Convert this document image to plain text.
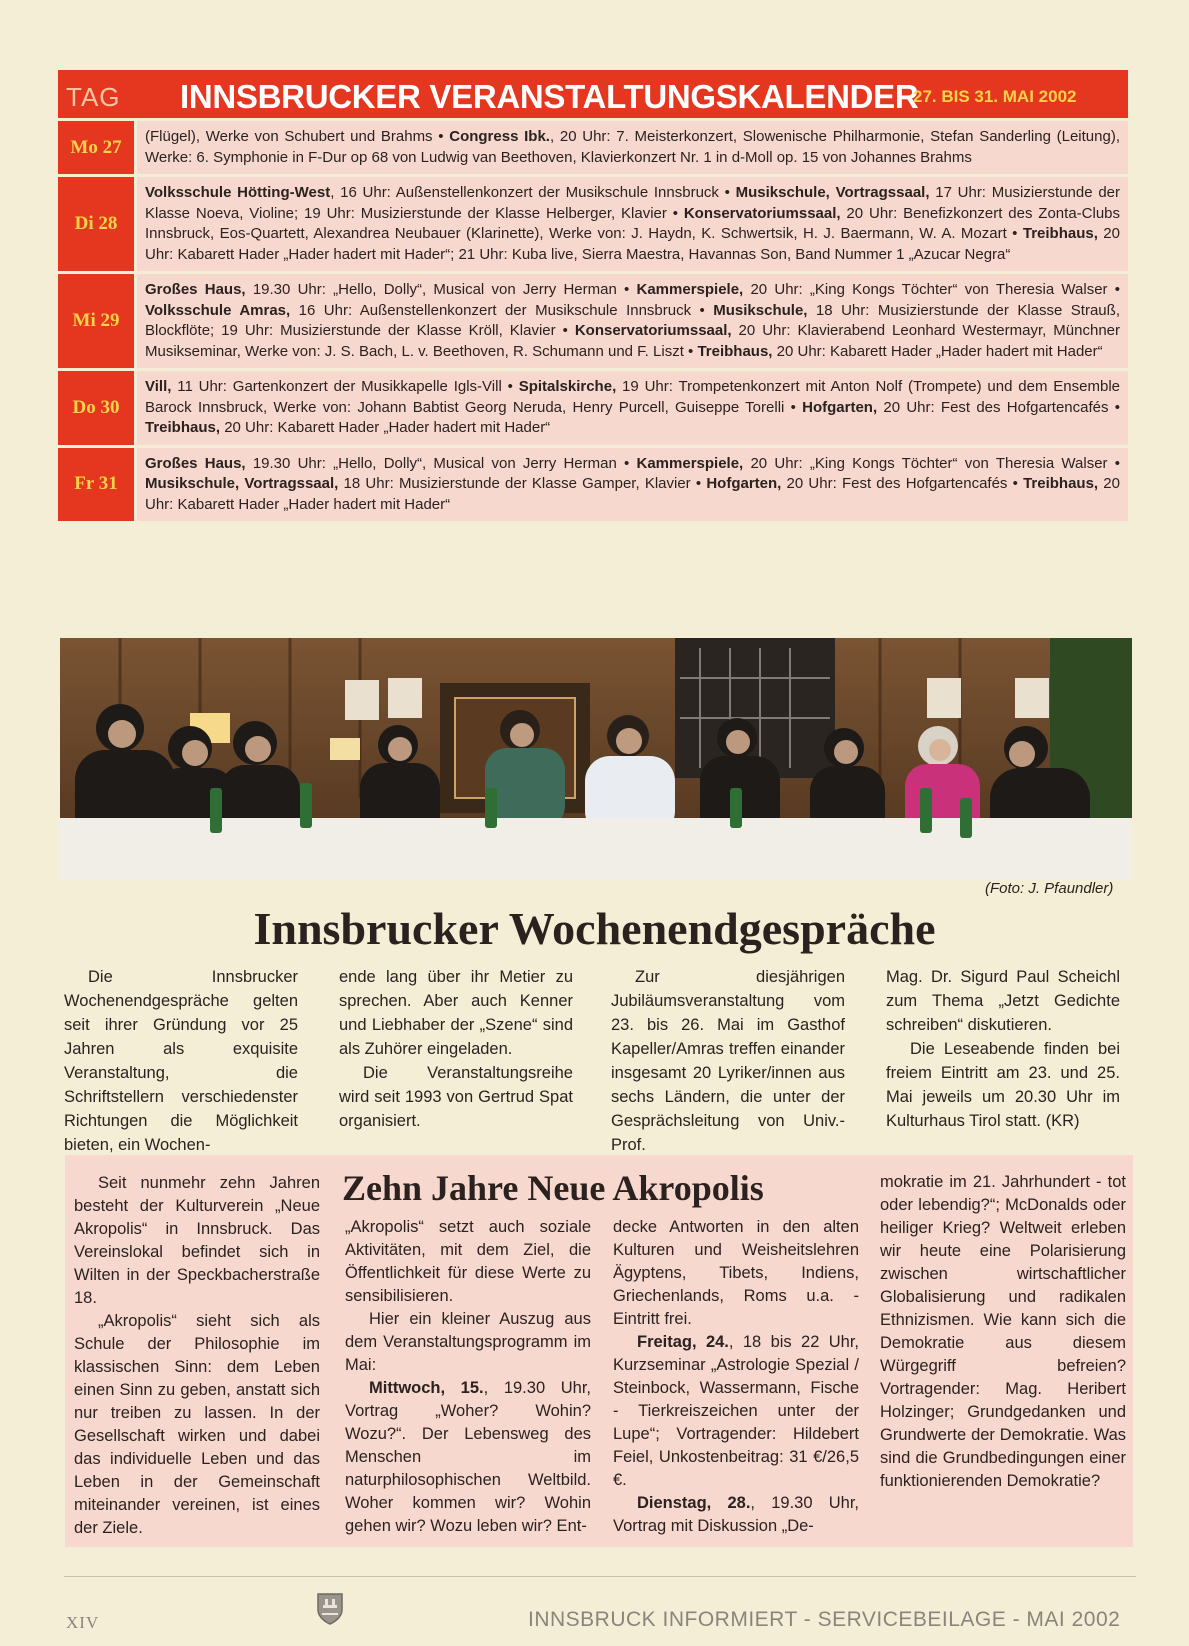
TAG INNSBRUCKER VERANSTALTUNGSKALENDER
27. BIS 31. MAI 2002
Mo 27	(Flügel), Werke von Schubert und Brahms • Congress Ibk., 20 Uhr: 7. Meisterkonzert, Slowenische Philharmonie, Stefan Sanderling (Leitung), Werke: 6. Symphonie in F-Dur op 68 von Ludwig van Beethoven, Klavierkonzert Nr. 1 in d-Moll op. 15 von Johannes Brahms
Di 28
Volksschule Hötting-West, 16 Uhr: Außenstellenkonzert der Musikschule Innsbruck • Musikschule, Vortragssaal, 17 Uhr: Musizierstunde der Klasse Noeva, Violine; 19 Uhr: Musizierstunde der Klasse Helberger, Klavier • Konservatoriumssaal, 20 Uhr: Benefizkonzert des Zonta-Clubs Innsbruck, Eos-Quartett, Alexandrea Neubauer (Klarinette), Werke von: J. Haydn, K. Schwertsik, H. J. Baermann, W. A. Mozart • Treibhaus, 20 Uhr: Kabarett Hader „Hader hadert mit Hader“; 21 Uhr: Kuba live, Sierra Maestra, Havannas Son, Band Nummer 1 „Azucar Negra“
Mi 29
Großes Haus, 19.30 Uhr: „Hello, Dolly“, Musical von Jerry Herman • Kammerspiele, 20 Uhr: „King Kongs Töchter“ von Theresia Walser • Volksschule Amras, 16 Uhr: Außenstellenkonzert der Musikschule Innsbruck • Musikschule, 18 Uhr: Musizierstunde der Klasse Strauß, Blockflöte; 19 Uhr: Musizierstunde der Klasse Kröll, Klavier • Konservatoriumssaal, 20 Uhr: Klavierabend Leonhard Westermayr, Münchner Musikseminar, Werke von: J. S. Bach, L. v. Beethoven, R. Schumann und F. Liszt • Treibhaus, 20 Uhr: Kabarett Hader „Hader hadert mit Hader“
Do 30
Vill, 11 Uhr: Gartenkonzert der Musikkapelle Igls-Vill • Spitalskirche, 19 Uhr: Trompetenkonzert mit Anton Nolf (Trompete) und dem Ensemble Barock Innsbruck, Werke von: Johann Babtist Georg Neruda, Henry Purcell, Guiseppe Torelli • Hofgarten, 20 Uhr: Fest des Hofgartencafés • Treibhaus, 20 Uhr: Kabarett Hader „Hader hadert mit Hader“
Fr 31
Großes Haus, 19.30 Uhr: „Hello, Dolly“, Musical von Jerry Herman • Kammerspiele, 20 Uhr: „King Kongs Töchter“ von Theresia Walser • Musikschule, Vortragssaal, 18 Uhr: Musizierstunde der Klasse Gamper, Klavier • Hofgarten, 20 Uhr: Fest des Hofgartencafés • Treibhaus, 20 Uhr: Kabarett Hader „Hader hadert mit Hader“
(Foto: J. Pfaundler)
Innsbrucker Wochenendgespräche

Die Innsbrucker Wochenendgespräche gelten seit ihrer Gründung vor 25 Jahren als exquisite Veranstaltung, die Schriftstellern verschiedenster Richtungen die Möglichkeit bieten, ein Wochen-

ende lang über ihr Metier zu sprechen. Aber auch Kenner und Liebhaber der „Szene“ sind als Zuhörer eingeladen.

Die Veranstaltungsreihe wird seit 1993 von Gertrud Spat organisiert.

Zur diesjährigen Jubiläumsveranstaltung vom 23. bis 26. Mai im Gasthof Kapeller/Amras treffen einander insgesamt 20 Lyriker/innen aus sechs Ländern, die unter der Gesprächsleitung von Univ.-Prof.

Mag. Dr. Sigurd Paul Scheichl zum Thema „Jetzt Gedichte schreiben“ diskutieren.

Die Leseabende finden bei freiem Eintritt am 23. und 25. Mai jeweils um 20.30 Uhr im Kulturhaus Tirol statt. (KR)

Zehn Jahre Neue Akropolis

Seit nunmehr zehn Jahren besteht der Kulturverein „Neue Akropolis“ in Innsbruck. Das Vereinslokal befindet sich in Wilten in der Speckbacherstraße 18.

„Akropolis“ sieht sich als Schule der Philosophie im klassischen Sinn: dem Leben einen Sinn zu geben, anstatt sich nur treiben zu lassen. In der Gesellschaft wirken und dabei das individuelle Leben und das Leben in der Gemeinschaft miteinander vereinen, ist eines der Ziele.

„Akropolis“ setzt auch soziale Aktivitäten, mit dem Ziel, die Öffentlichkeit für diese Werte zu sensibilisieren.

Hier ein kleiner Auszug aus dem Veranstaltungsprogramm im Mai:

Mittwoch, 15., 19.30 Uhr, Vortrag „Woher? Wohin? Wozu?“. Der Lebensweg des Menschen im naturphilosophischen Weltbild. Woher kommen wir? Wohin gehen wir? Wozu leben wir? Ent-

decke Antworten in den alten Kulturen und Weisheitslehren Ägyptens, Tibets, Indiens, Griechenlands, Roms u.a. - Eintritt frei.

Freitag, 24., 18 bis 22 Uhr, Kurzseminar „Astrologie Spezial / Steinbock, Wassermann, Fische - Tierkreiszeichen unter der Lupe“; Vortragender: Hildebert Feiel, Unkostenbeitrag: 31 €/26,5 €.

Dienstag, 28., 19.30 Uhr, Vortrag mit Diskussion „De-

mokratie im 21. Jahrhundert - tot oder lebendig?“; McDonalds oder heiliger Krieg? Weltweit erleben wir heute eine Polarisierung zwischen wirtschaftlicher Globalisierung und radikalen Ethnizismen. Wie kann sich die Demokratie aus diesem Würgegriff befreien? Vortragender: Mag. Heribert Holzinger; Grundgedanken und Grundwerte der Demokratie. Was sind die Grundbedingungen einer funktionierenden Demokratie?

XIV	INNSBRUCK INFORMIERT - SERVICEBEILAGE - MAI 2002
